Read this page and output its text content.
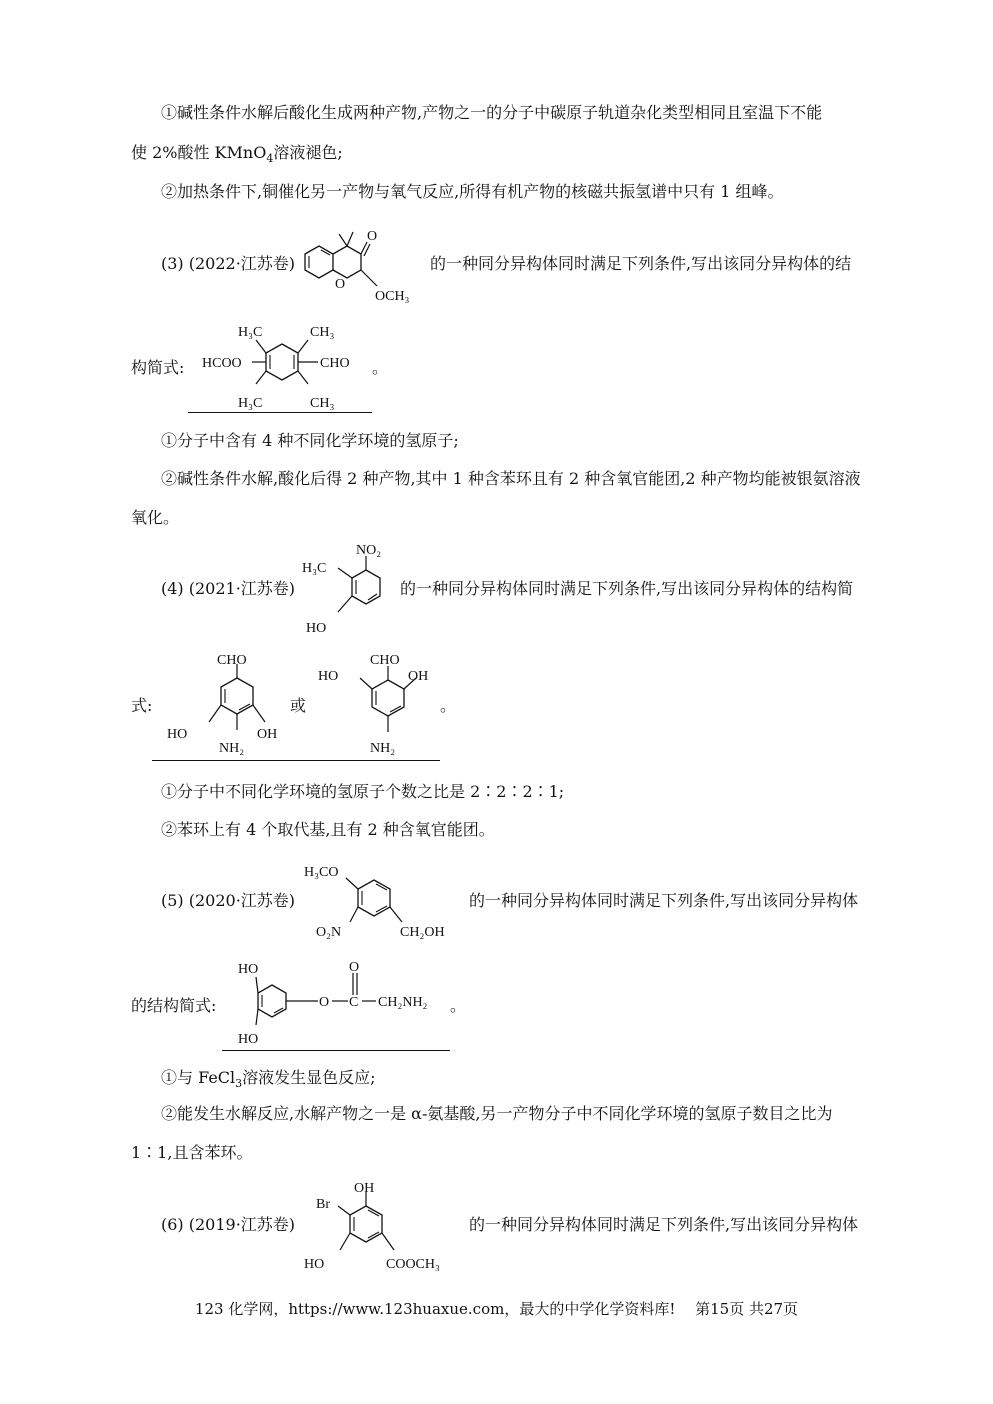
①碱性条件水解后酸化生成两种产物,产物之一的分子中碳原子轨道杂化类型相同且室温下不能
使 2%酸性 KMnO$_4$溶液褪色;
②加热条件下,铜催化另一产物与氧气反应,所得有机产物的核磁共振氢谱中只有 1 组峰。
(3) (2022·江苏卷)
O
O
OCH₃
的一种同分异构体同时满足下列条件,写出该同分异构体的结
构简式:
H₃C	CH₃
HCOO	CHO
H₃C	CH₃
。
①分子中含有 4 种不同化学环境的氢原子;
②碱性条件水解,酸化后得 2 种产物,其中 1 种含苯环且有 2 种含氧官能团,2 种产物均能被银氨溶液
氧化。
(4) (2021·江苏卷)
H₃C
NO₂
HO
的一种同分异构体同时满足下列条件,写出该同分异构体的结构简
式:
CHO
HO	OH
NH₂
或
CHO
HO	OH
NH₂
。
①分子中不同化学环境的氢原子个数之比是 2∶2∶2∶1;
②苯环上有 4 个取代基,且有 2 种含氧官能团。
(5) (2020·江苏卷)
H₃CO
O₂N	CH₂OH
的一种同分异构体同时满足下列条件,写出该同分异构体
的结构简式:
HO
HO
O
O C CH₂NH₂ 。
①与 FeCl$_3$溶液发生显色反应;
②能发生水解反应,水解产物之一是 α-氨基酸,另一产物分子中不同化学环境的氢原子数目之比为
1∶1,且含苯环。
(6) (2019·江苏卷)
Br
OH
HO	COOCH₃
的一种同分异构体同时满足下列条件,写出该同分异构体
123 化学网，https://www.123huaxue.com，最大的中学化学资料库!　 第15页 共27页
